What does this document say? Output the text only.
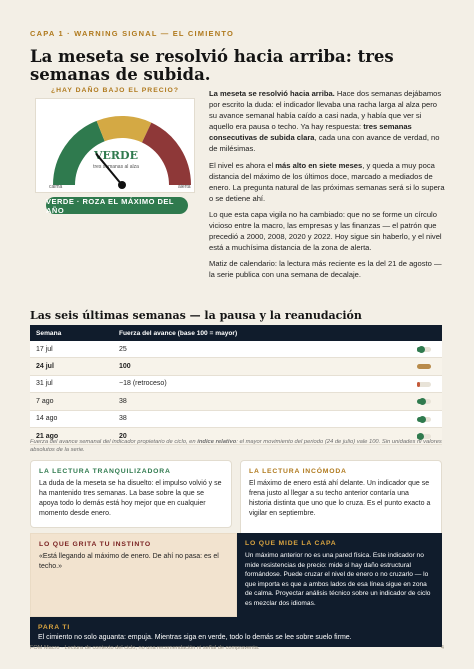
CAPA 1 · WARNING SIGNAL — EL CIMIENTO
La meseta se resolvió hacia arriba: tres semanas de subida.
¿HAY DAÑO BAJO EL PRECIO?
VERDE
tres semanas al alza
calma	alerta
VERDE · ROZA EL MÁXIMO DEL AÑO

La meseta se resolvió hacia arriba. Hace dos semanas dejábamos por escrito la duda: el indicador llevaba una racha larga al alza pero su avance semanal había caído a casi nada, y había que ver si aquello era pausa o techo. Ya hay respuesta: tres semanas consecutivas de subida clara, cada una con avance de verdad, no de milésimas.

El nivel es ahora el más alto en siete meses, y queda a muy poca distancia del máximo de los últimos doce, marcado a mediados de enero. La pregunta natural de las próximas semanas será si lo supera o se detiene ahí.

Lo que esta capa vigila no ha cambiado: que no se forme un círculo vicioso entre la macro, las empresas y las finanzas — el patrón que precedió a 2000, 2008, 2020 y 2022. Hoy sigue sin haberlo, y el nivel está a muchísima distancia de la zona de alerta.

Matiz de calendario: la lectura más reciente es la del 21 de agosto — la serie publica con una semana de decalaje.

Las seis últimas semanas — la pausa y la reanudación
Semana	Fuerza del avance (base 100 = mayor)
17 jul	25
24 jul	100
31 jul	−18 (retroceso)
7 ago	38
14 ago	38
21 ago	20
Fuerza del avance semanal del indicador propietario de ciclo, en índice relativo: el mayor movimiento del periodo (24 de julio) vale 100. Sin unidades ni valores absolutos de la serie.
LA LECTURA TRANQUILIZADORA

La duda de la meseta se ha disuelto: el impulso volvió y se ha mantenido tres semanas. La base sobre la que se apoya todo lo demás está hoy mejor que en cualquier momento desde enero.

LA LECTURA INCÓMODA

El máximo de enero está ahí delante. Un indicador que se frena justo al llegar a su techo anterior contaría una historia distinta que uno que lo cruza. Es el punto exacto a vigilar en septiembre.

LO QUE GRITA TU INSTINTO

«Está llegando al máximo de enero. De ahí no pasa: es el techo.»

LO QUE MIDE LA CAPA

Un máximo anterior no es una pared física. Este indicador no mide resistencias de precio: mide si hay daño estructural formándose. Puede cruzar el nivel de enero o no cruzarlo — lo que importa es que a ambos lados de esa línea sigue en zona de calma. Proyectar análisis técnico sobre un indicador de ciclo es mezclar dos idiomas.

PARA TI

El cimiento no solo aguanta: empuja. Mientras siga en verde, todo lo demás se lee sobre suelo firme.

FOM Macro · Lectura de contexto del ciclo, no una recomendación ni señal de compraventa.	4
